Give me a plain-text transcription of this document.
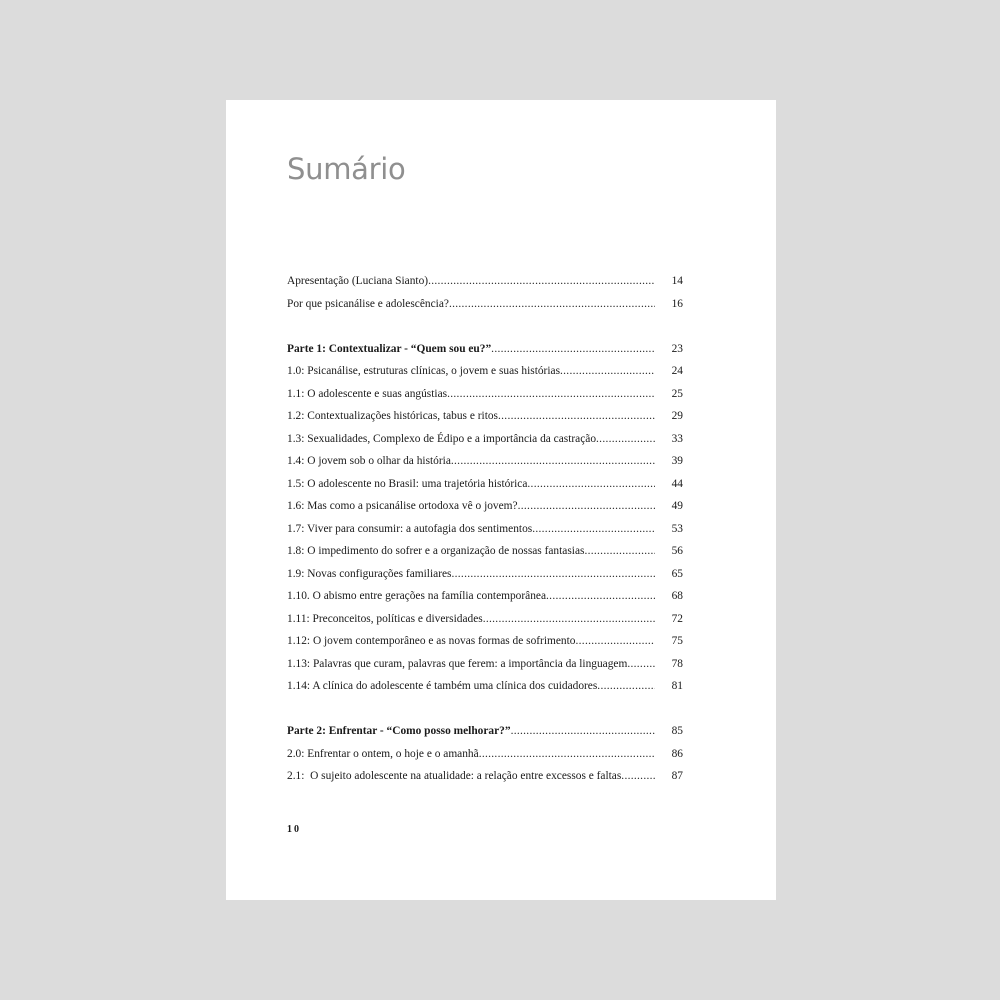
Sumário
Apresentação (Luciana Sianto) .....	14
Por que psicanálise e adolescência? .....	16
Parte 1: Contextualizar - “Quem sou eu?” .....	23
1.0: Psicanálise, estruturas clínicas, o jovem e suas histórias .....	24
1.1: O adolescente e suas angústias .....	25
1.2: Contextualizações históricas, tabus e ritos .....	29
1.3: Sexualidades, Complexo de Édipo e a importância da castração .....	33
1.4: O jovem sob o olhar da história .....	39
1.5: O adolescente no Brasil: uma trajetória histórica .....	44
1.6: Mas como a psicanálise ortodoxa vê o jovem? .....	49
1.7: Viver para consumir: a autofagia dos sentimentos .....	53
1.8: O impedimento do sofrer e a organização de nossas fantasias .....	56
1.9: Novas configurações familiares .....	65
1.10. O abismo entre gerações na família contemporânea .....	68
1.11: Preconceitos, políticas e diversidades .....	72
1.12: O jovem contemporâneo e as novas formas de sofrimento .....	75
1.13: Palavras que curam, palavras que ferem: a importância da linguagem .....	78
1.14: A clínica do adolescente é também uma clínica dos cuidadores .....	81
Parte 2: Enfrentar - “Como posso melhorar?” .....	85
2.0: Enfrentar o ontem, o hoje e o amanhã .....	86
2.1:  O sujeito adolescente na atualidade: a relação entre excessos e faltas .....	87
10
